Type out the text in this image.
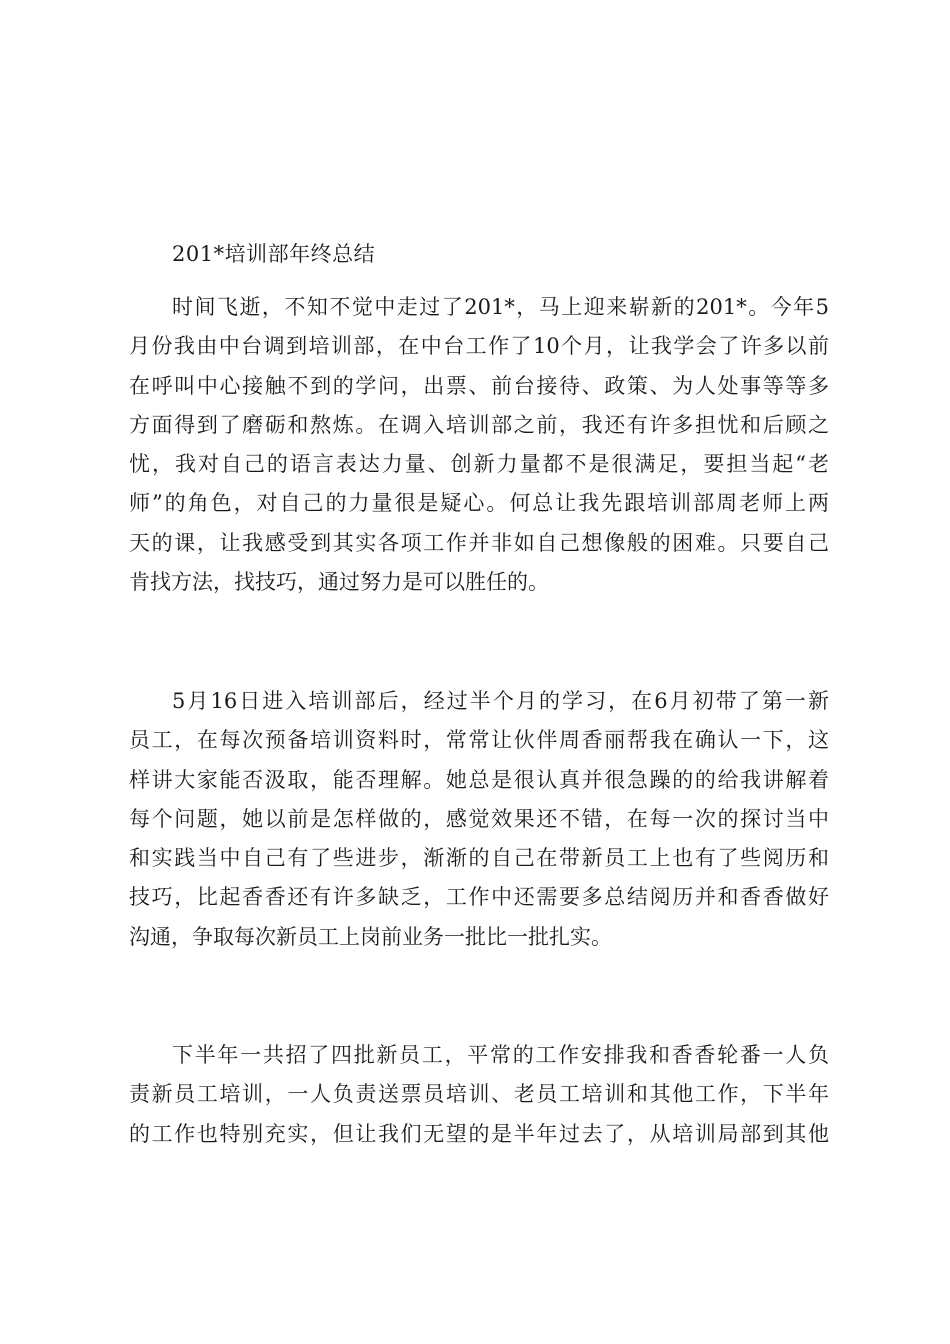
201*培训部年终总结
时间飞逝，不知不觉中走过了201*，马上迎来崭新的201*。今年5
月份我由中台调到培训部，在中台工作了10个月，让我学会了许多以前
在呼叫中心接触不到的学问，出票、前台接待、政策、为人处事等等多
方面得到了磨砺和熬炼。在调入培训部之前，我还有许多担忧和后顾之
忧，我对自己的语言表达力量、创新力量都不是很满足，要担当起“老
师”的角色，对自己的力量很是疑心。何总让我先跟培训部周老师上两
天的课，让我感受到其实各项工作并非如自己想像般的困难。只要自己
肯找方法，找技巧，通过努力是可以胜任的。
5月16日进入培训部后，经过半个月的学习，在6月初带了第一新
员工，在每次预备培训资料时，常常让伙伴周香丽帮我在确认一下，这
样讲大家能否汲取，能否理解。她总是很认真并很急躁的的给我讲解着
每个问题，她以前是怎样做的，感觉效果还不错，在每一次的探讨当中
和实践当中自己有了些进步，渐渐的自己在带新员工上也有了些阅历和
技巧，比起香香还有许多缺乏，工作中还需要多总结阅历并和香香做好
沟通，争取每次新员工上岗前业务一批比一批扎实。
下半年一共招了四批新员工，平常的工作安排我和香香轮番一人负
责新员工培训，一人负责送票员培训、老员工培训和其他工作，下半年
的工作也特别充实，但让我们无望的是半年过去了，从培训局部到其他
